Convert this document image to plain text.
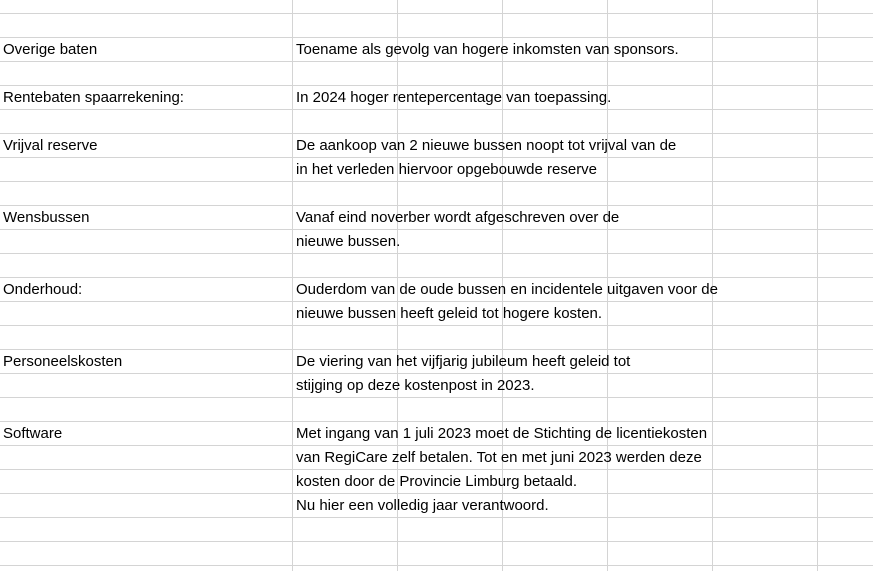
Overige baten	Toename als gevolg van hogere inkomsten van sponsors.
Rentebaten spaarrekening:	In 2024 hoger rentepercentage van toepassing.
Vrijval reserve	De aankoop van 2 nieuwe bussen noopt tot vrijval van de
in het verleden hiervoor opgebouwde reserve
Wensbussen	Vanaf eind noverber wordt afgeschreven over de
nieuwe bussen.
Onderhoud:	Ouderdom van de oude bussen en incidentele uitgaven voor de
nieuwe bussen heeft geleid tot hogere kosten.
Personeelskosten	De viering van het vijfjarig jubileum heeft geleid tot
stijging op deze kostenpost in 2023.
Software	Met ingang van 1 juli 2023 moet de Stichting de licentiekosten
van RegiCare zelf betalen. Tot en met juni 2023 werden deze
kosten door de Provincie Limburg betaald.
Nu hier een volledig jaar verantwoord.
